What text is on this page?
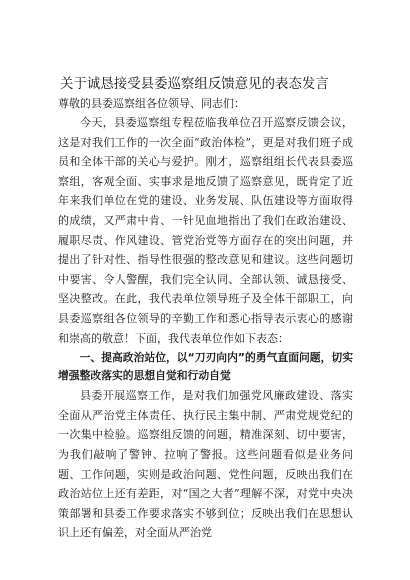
关于诚恳接受县委巡察组反馈意见的表态发言
尊敬的县委巡察组各位领导、同志们：

今天，县委巡察组专程莅临我单位召开巡察反馈会议，这是对我们工作的一次全面“政治体检”，更是对我们班子成员和全体干部的关心与爱护。刚才，巡察组组长代表县委巡察组，客观全面、实事求是地反馈了巡察意见，既肯定了近年来我们单位在党的建设、业务发展、队伍建设等方面取得的成绩，又严肃中肯、一针见血地指出了我们在政治建设、履职尽责、作风建设、管党治党等方面存在的突出问题，并提出了针对性、指导性很强的整改意见和建议。这些问题切中要害、令人警醒，我们完全认同、全部认领、诚恳接受、坚决整改。在此，我代表单位领导班子及全体干部职工，向县委巡察组各位领导的辛勤工作和悉心指导表示衷心的感谢和崇高的敬意！下面，我代表单位作如下表态：

一、提高政治站位，以“刀刃向内”的勇气直面问题，切实增强整改落实的思想自觉和行动自觉

县委开展巡察工作，是对我们加强党风廉政建设、落实全面从严治党主体责任、执行民主集中制、严肃党规党纪的一次集中检验。巡察组反馈的问题，精准深刻、切中要害，为我们敲响了警钟、拉响了警报。这些问题看似是业务问题、工作问题，实则是政治问题、党性问题，反映出我们在政治站位上还有差距，对“国之大者”理解不深，对党中央决策部署和县委工作要求落实不够到位；反映出我们在思想认识上还有偏差，对全面从严治党
